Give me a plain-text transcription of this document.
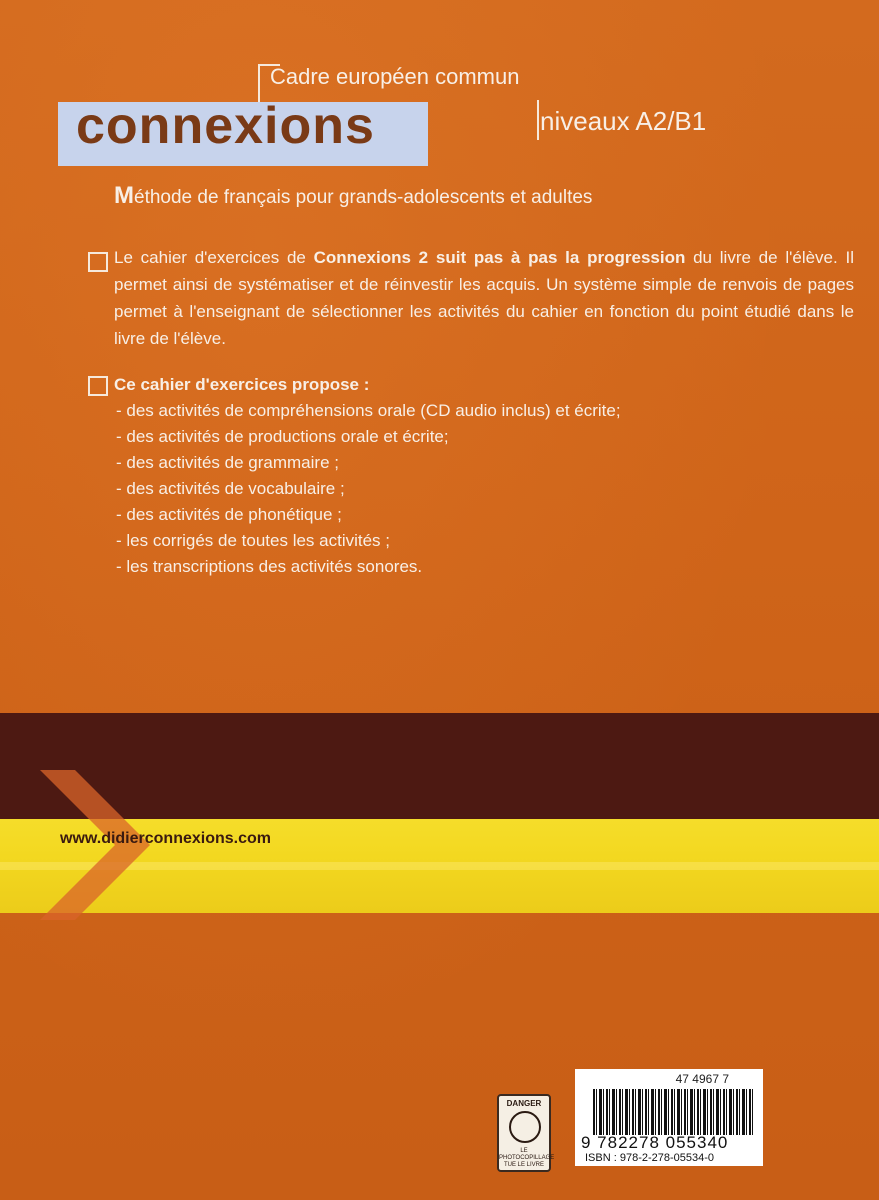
Cadre européen commun
connexions	niveaux A2/B1
Méthode de français pour grands-adolescents et adultes
Le cahier d'exercices de Connexions 2 suit pas à pas la progression du livre de l'élève. Il permet ainsi de systématiser et de réinvestir les acquis. Un système simple de renvois de pages permet à l'enseignant de sélectionner les activités du cahier en fonction du point étudié dans le livre de l'élève.
Ce cahier d'exercices propose :
- des activités de compréhensions orale (CD audio inclus) et écrite;
- des activités de productions orale et écrite;
- des activités de grammaire ;
- des activités de vocabulaire ;
- des activités de phonétique ;
- les corrigés de toutes les activités ;
- les transcriptions des activités sonores.
www.didierconnexions.com
DANGER
LE PHOTOCOPILLAGE TUE LE LIVRE
47 4967 7
9 782278 055340
ISBN : 978-2-278-05534-0
